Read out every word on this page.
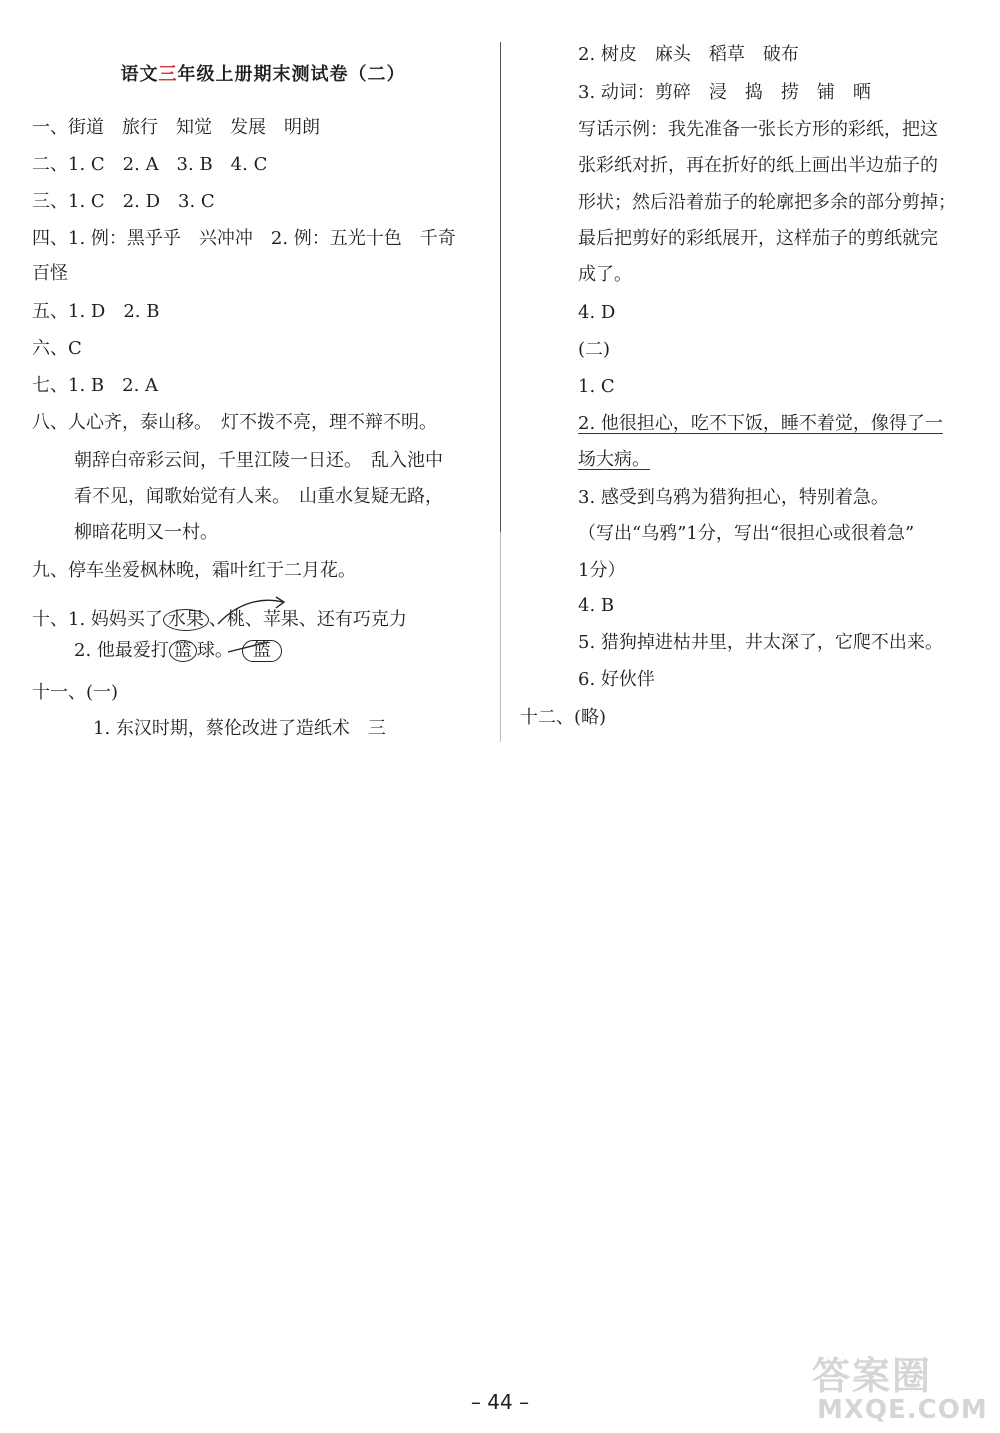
语文三年级上册期末测试卷（二）
一、街道　旅行　知觉　发展　明朗
二、1. C　2. A　3. B　4. C
三、1. C　2. D　3. C
四、1. 例：黑乎乎　兴冲冲　2. 例：五光十色　千奇
百怪
五、1. D　2. B
六、C
七、1. B　2. A
八、人心齐，泰山移。　灯不拨不亮，理不辩不明。
朝辞白帝彩云间，千里江陵一日还。　乱入池中
看不见，闻歌始觉有人来。　山重水复疑无路，
柳暗花明又一村。
九、停车坐爱枫林晚，霜叶红于二月花。
十、1. 妈妈买了 水果 、桃、苹果、还有巧克力
2. 他最爱打 篮 球。　 篮
十一、(一)
1. 东汉时期，蔡伦改进了造纸术　三
2. 树皮　麻头　稻草　破布
3. 动词：剪碎　浸　捣　捞　铺　晒
写话示例：我先准备一张长方形的彩纸，把这
张彩纸对折，再在折好的纸上画出半边茄子的
形状；然后沿着茄子的轮廓把多余的部分剪掉；
最后把剪好的彩纸展开，这样茄子的剪纸就完
成了。
4. D
(二)
1. C
2. 他很担心，吃不下饭，睡不着觉，像得了一
场大病。
3. 感受到乌鸦为猎狗担心，特别着急。
（写出“乌鸦”1分，写出“很担心或很着急”
1分）
4. B
5. 猎狗掉进枯井里，井太深了，它爬不出来。
6. 好伙伴
十二、(略)
– 44 –
答案圈
MXQE.COM
